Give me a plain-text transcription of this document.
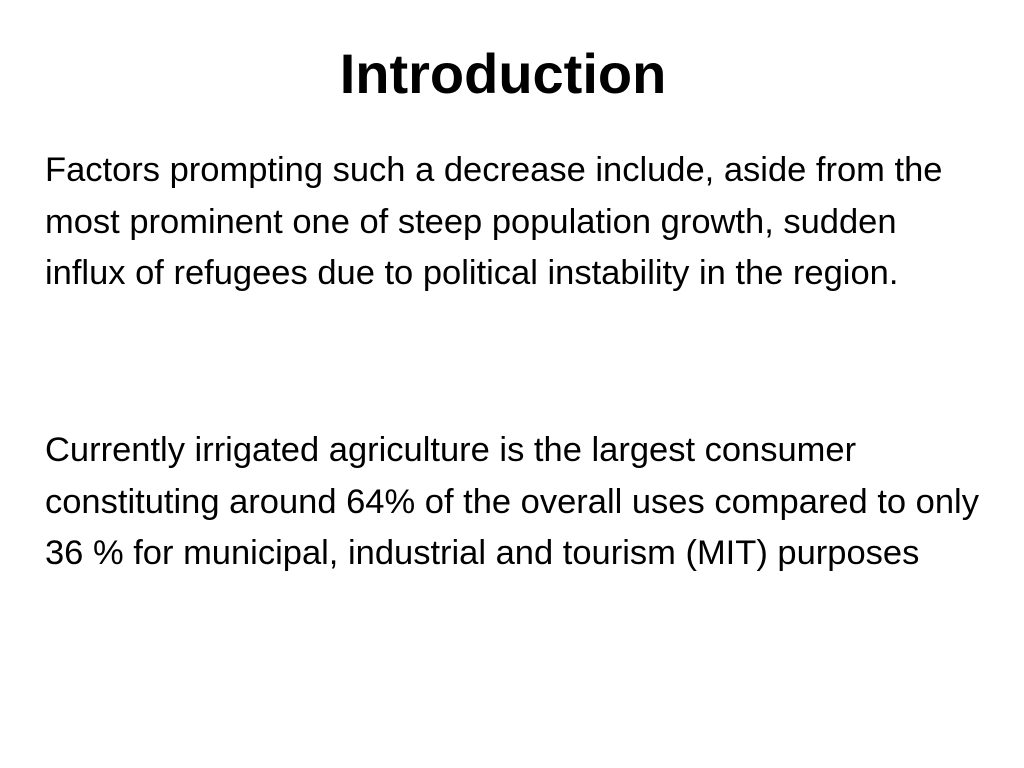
Introduction

Factors prompting such a decrease include, aside from the most prominent one of steep population growth, sudden influx of refugees due to political instability in the region.

Currently irrigated agriculture is the largest consumer constituting around 64% of the overall uses compared to only 36 % for municipal, industrial and tourism (MIT) purposes
